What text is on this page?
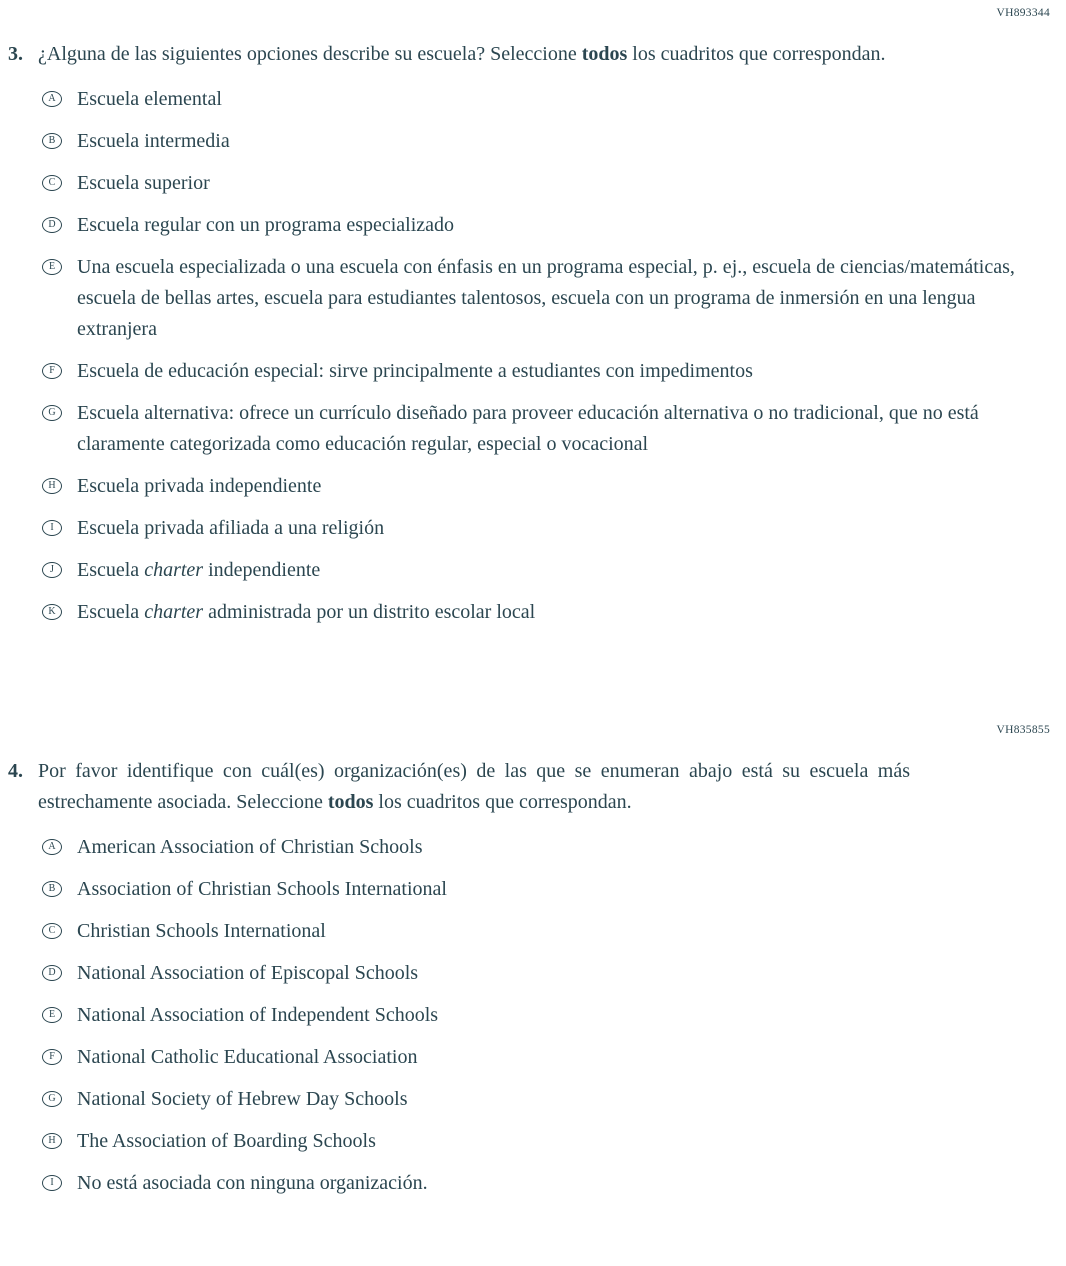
VH893344
3. ¿Alguna de las siguientes opciones describe su escuela? Seleccione todos los cuadritos que correspondan.
A Escuela elemental
B Escuela intermedia
C Escuela superior
D Escuela regular con un programa especializado
E Una escuela especializada o una escuela con énfasis en un programa especial, p. ej., escuela de ciencias/matemáticas, escuela de bellas artes, escuela para estudiantes talentosos, escuela con un programa de inmersión en una lengua extranjera
F Escuela de educación especial: sirve principalmente a estudiantes con impedimentos
G Escuela alternativa: ofrece un currículo diseñado para proveer educación alternativa o no tradicional, que no está claramente categorizada como educación regular, especial o vocacional
H Escuela privada independiente
I Escuela privada afiliada a una religión
J Escuela charter independiente
K Escuela charter administrada por un distrito escolar local
VH835855
4. Por favor identifique con cuál(es) organización(es) de las que se enumeran abajo está su escuela más estrechamente asociada. Seleccione todos los cuadritos que correspondan.
A American Association of Christian Schools
B Association of Christian Schools International
C Christian Schools International
D National Association of Episcopal Schools
E National Association of Independent Schools
F National Catholic Educational Association
G National Society of Hebrew Day Schools
H The Association of Boarding Schools
I No está asociada con ninguna organización.
